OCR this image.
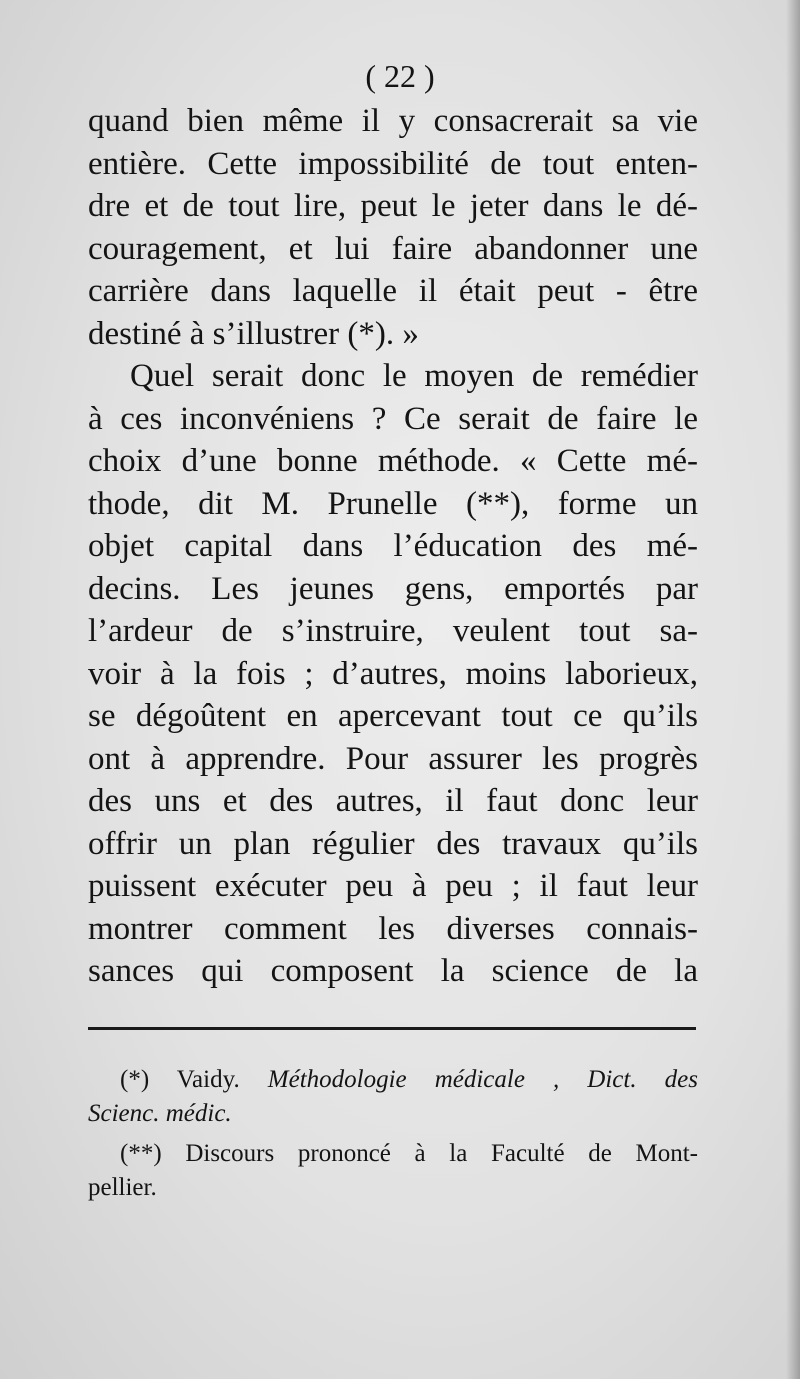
( 22 )
quand bien même il y consacrerait sa vie
entière. Cette impossibilité de tout enten-
dre et de tout lire, peut le jeter dans le dé-
couragement, et lui faire abandonner une
carrière dans laquelle il était peut - être
destiné à s’illustrer (*). »
Quel serait donc le moyen de remédier
à ces inconvéniens ? Ce serait de faire le
choix d’une bonne méthode. « Cette mé-
thode, dit M. Prunelle (**), forme un
objet capital dans l’éducation des mé-
decins. Les jeunes gens, emportés par
l’ardeur de s’instruire, veulent tout sa-
voir à la fois ; d’autres, moins laborieux,
se dégoûtent en apercevant tout ce qu’ils
ont à apprendre. Pour assurer les progrès
des uns et des autres, il faut donc leur
offrir un plan régulier des travaux qu’ils
puissent exécuter peu à peu ; il faut leur
montrer comment les diverses connais-
sances qui composent la science de la
(*) Vaidy. Méthodologie médicale , Dict. des
Scienc. médic.
(**) Discours prononcé à la Faculté de Mont-
pellier.
